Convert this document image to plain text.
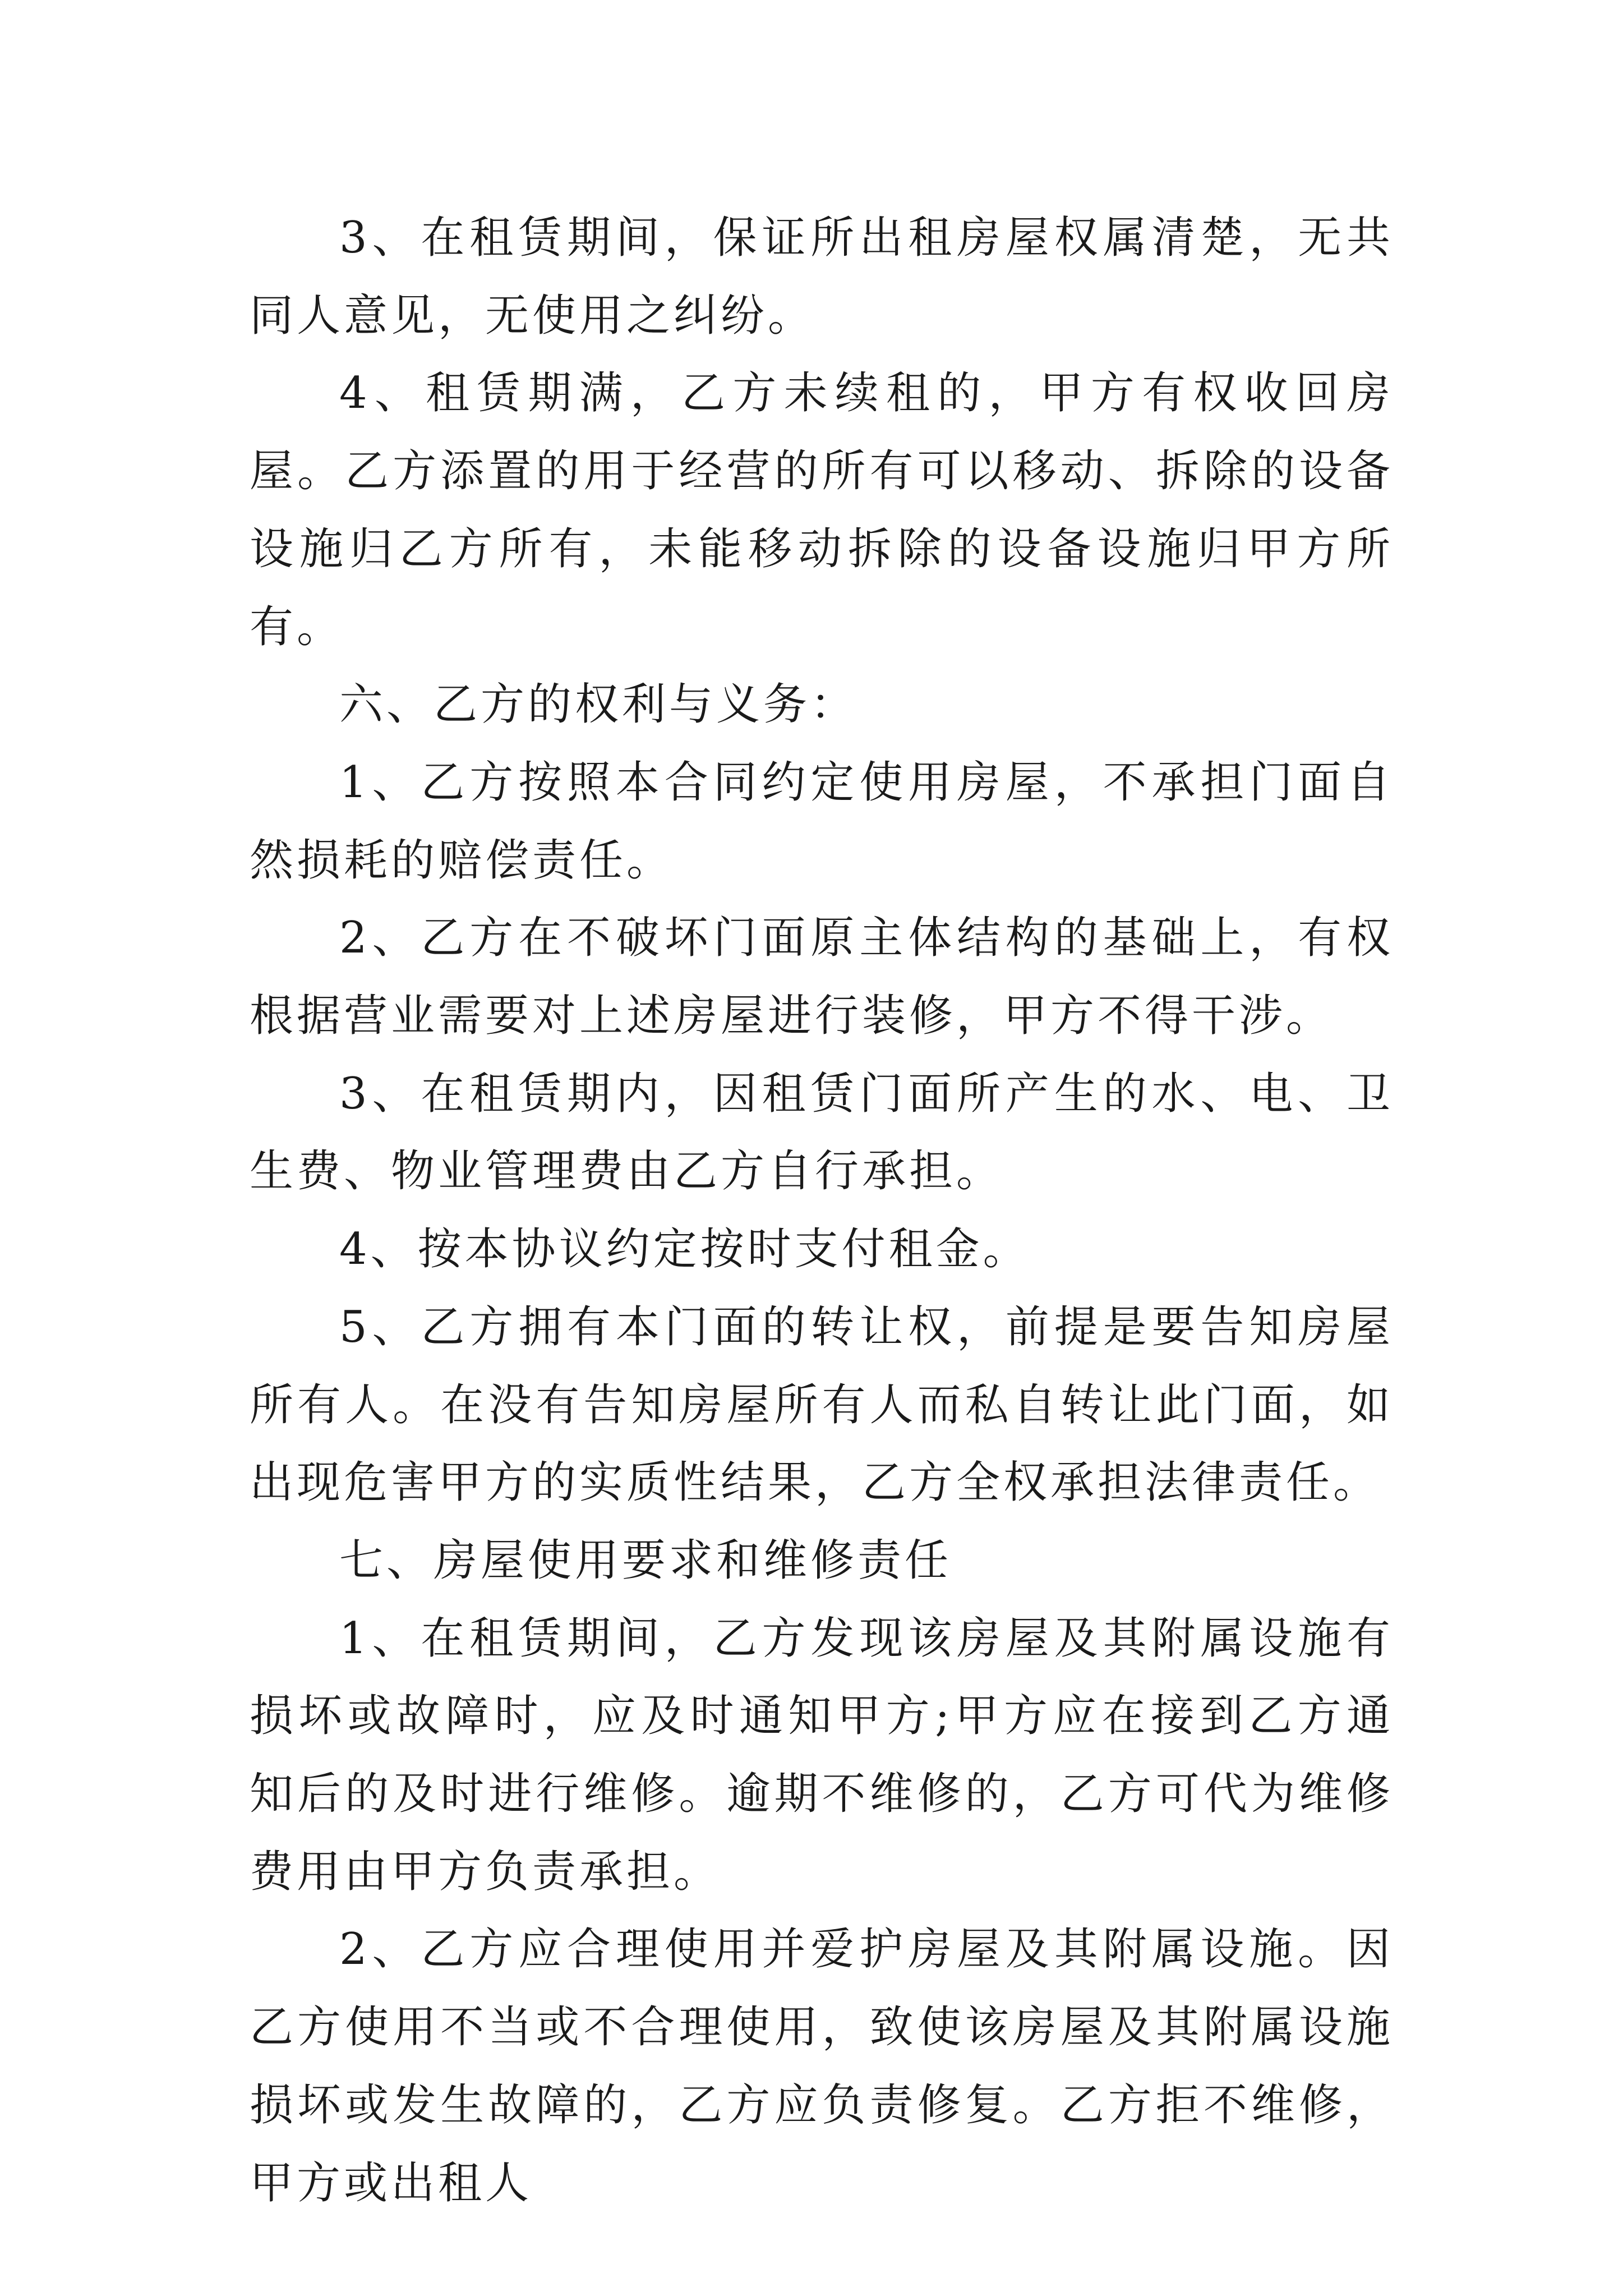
3、在租赁期间，保证所出租房屋权属清楚，无共同人意见，无使用之纠纷。

4、租赁期满，乙方未续租的，甲方有权收回房屋。乙方添置的用于经营的所有可以移动、拆除的设备设施归乙方所有，未能移动拆除的设备设施归甲方所有。

六、乙方的权利与义务：

1、乙方按照本合同约定使用房屋，不承担门面自然损耗的赔偿责任。

2、乙方在不破坏门面原主体结构的基础上，有权根据营业需要对上述房屋进行装修，甲方不得干涉。

3、在租赁期内，因租赁门面所产生的水、电、卫生费、物业管理费由乙方自行承担。

4、按本协议约定按时支付租金。

5、乙方拥有本门面的转让权，前提是要告知房屋所有人。在没有告知房屋所有人而私自转让此门面，如出现危害甲方的实质性结果，乙方全权承担法律责任。

七、房屋使用要求和维修责任

1、在租赁期间，乙方发现该房屋及其附属设施有损坏或故障时，应及时通知甲方;甲方应在接到乙方通知后的及时进行维修。逾期不维修的，乙方可代为维修费用由甲方负责承担。

2、乙方应合理使用并爱护房屋及其附属设施。因乙方使用不当或不合理使用，致使该房屋及其附属设施损坏或发生故障的，乙方应负责修复。乙方拒不维修，甲方或出租人
